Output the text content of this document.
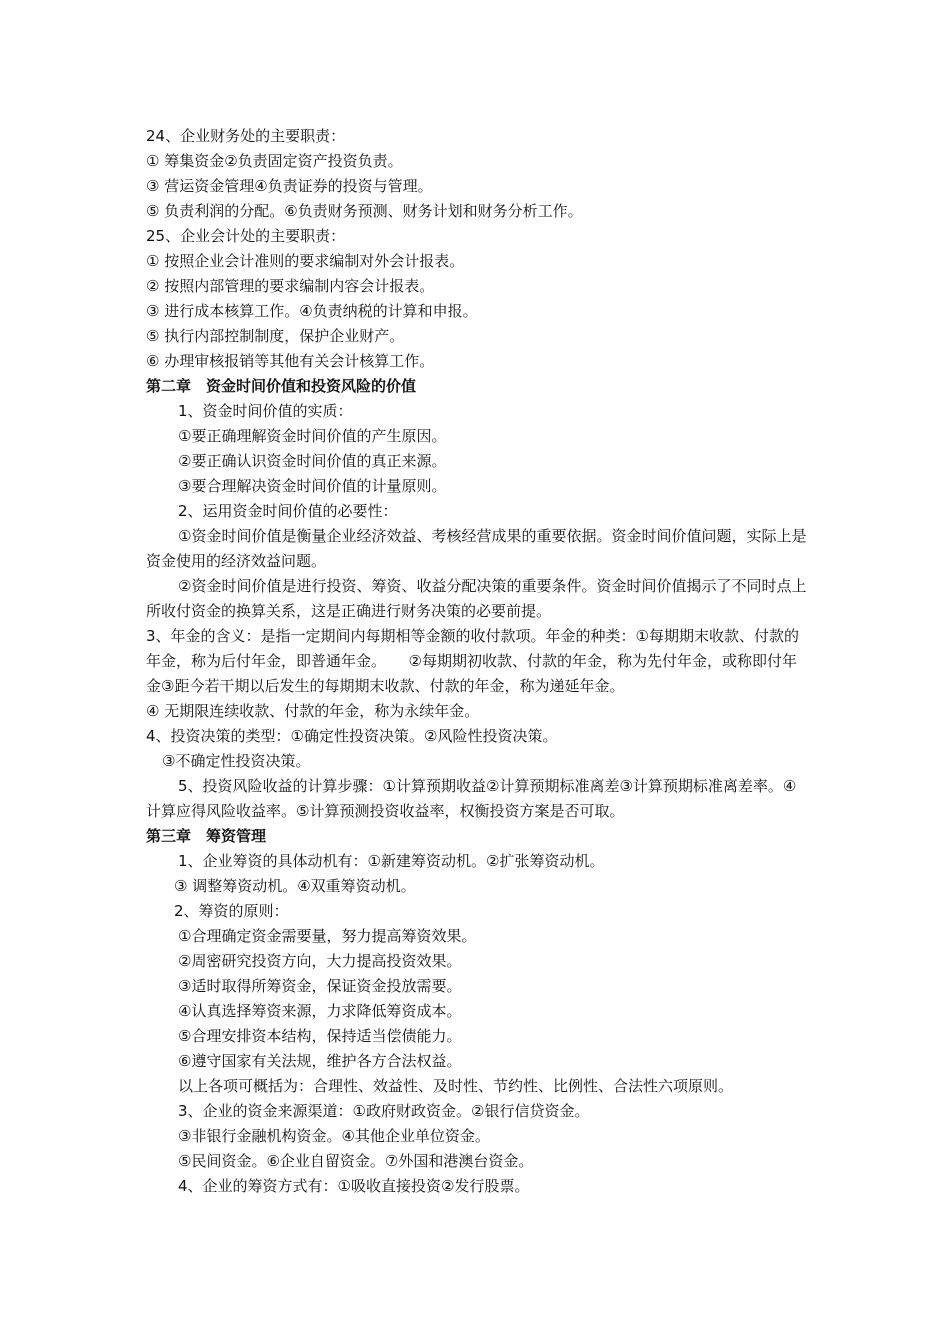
24、企业财务处的主要职责：
① 筹集资金②负责固定资产投资负责。
③ 营运资金管理④负责证券的投资与管理。
⑤ 负责利润的分配。⑥负责财务预测、财务计划和财务分析工作。
25、企业会计处的主要职责：
① 按照企业会计准则的要求编制对外会计报表。
② 按照内部管理的要求编制内容会计报表。
③ 进行成本核算工作。④负责纳税的计算和申报。
⑤ 执行内部控制制度，保护企业财产。
⑥ 办理审核报销等其他有关会计核算工作。
第二章　资金时间价值和投资风险的价值
1、资金时间价值的实质：
①要正确理解资金时间价值的产生原因。
②要正确认识资金时间价值的真正来源。
③要合理解决资金时间价值的计量原则。
2、运用资金时间价值的必要性：
①资金时间价值是衡量企业经济效益、考核经营成果的重要依据。资金时间价值问题，实际上是资金使用的经济效益问题。
②资金时间价值是进行投资、筹资、收益分配决策的重要条件。资金时间价值揭示了不同时点上所收付资金的换算关系，这是正确进行财务决策的必要前提。
3、年金的含义：是指一定期间内每期相等金额的收付款项。年金的种类：①每期期末收款、付款的年金，称为后付年金，即普通年金。　　②每期期初收款、付款的年金，称为先付年金，或称即付年金③距今若干期以后发生的每期期末收款、付款的年金，称为递延年金。
④ 无期限连续收款、付款的年金，称为永续年金。
4、投资决策的类型：①确定性投资决策。②风险性投资决策。
③不确定性投资决策。
5、投资风险收益的计算步骤：①计算预期收益②计算预期标准离差③计算预期标准离差率。④计算应得风险收益率。⑤计算预测投资收益率，权衡投资方案是否可取。
第三章　筹资管理
1、企业筹资的具体动机有：①新建筹资动机。②扩张筹资动机。
③ 调整筹资动机。④双重筹资动机。
2、筹资的原则：
①合理确定资金需要量，努力提高筹资效果。
②周密研究投资方向，大力提高投资效果。
③适时取得所筹资金，保证资金投放需要。
④认真选择筹资来源，力求降低筹资成本。
⑤合理安排资本结构，保持适当偿债能力。
⑥遵守国家有关法规，维护各方合法权益。
以上各项可概括为：合理性、效益性、及时性、节约性、比例性、合法性六项原则。
3、企业的资金来源渠道：①政府财政资金。②银行信贷资金。
③非银行金融机构资金。④其他企业单位资金。
⑤民间资金。⑥企业自留资金。⑦外国和港澳台资金。
4、企业的筹资方式有：①吸收直接投资②发行股票。
